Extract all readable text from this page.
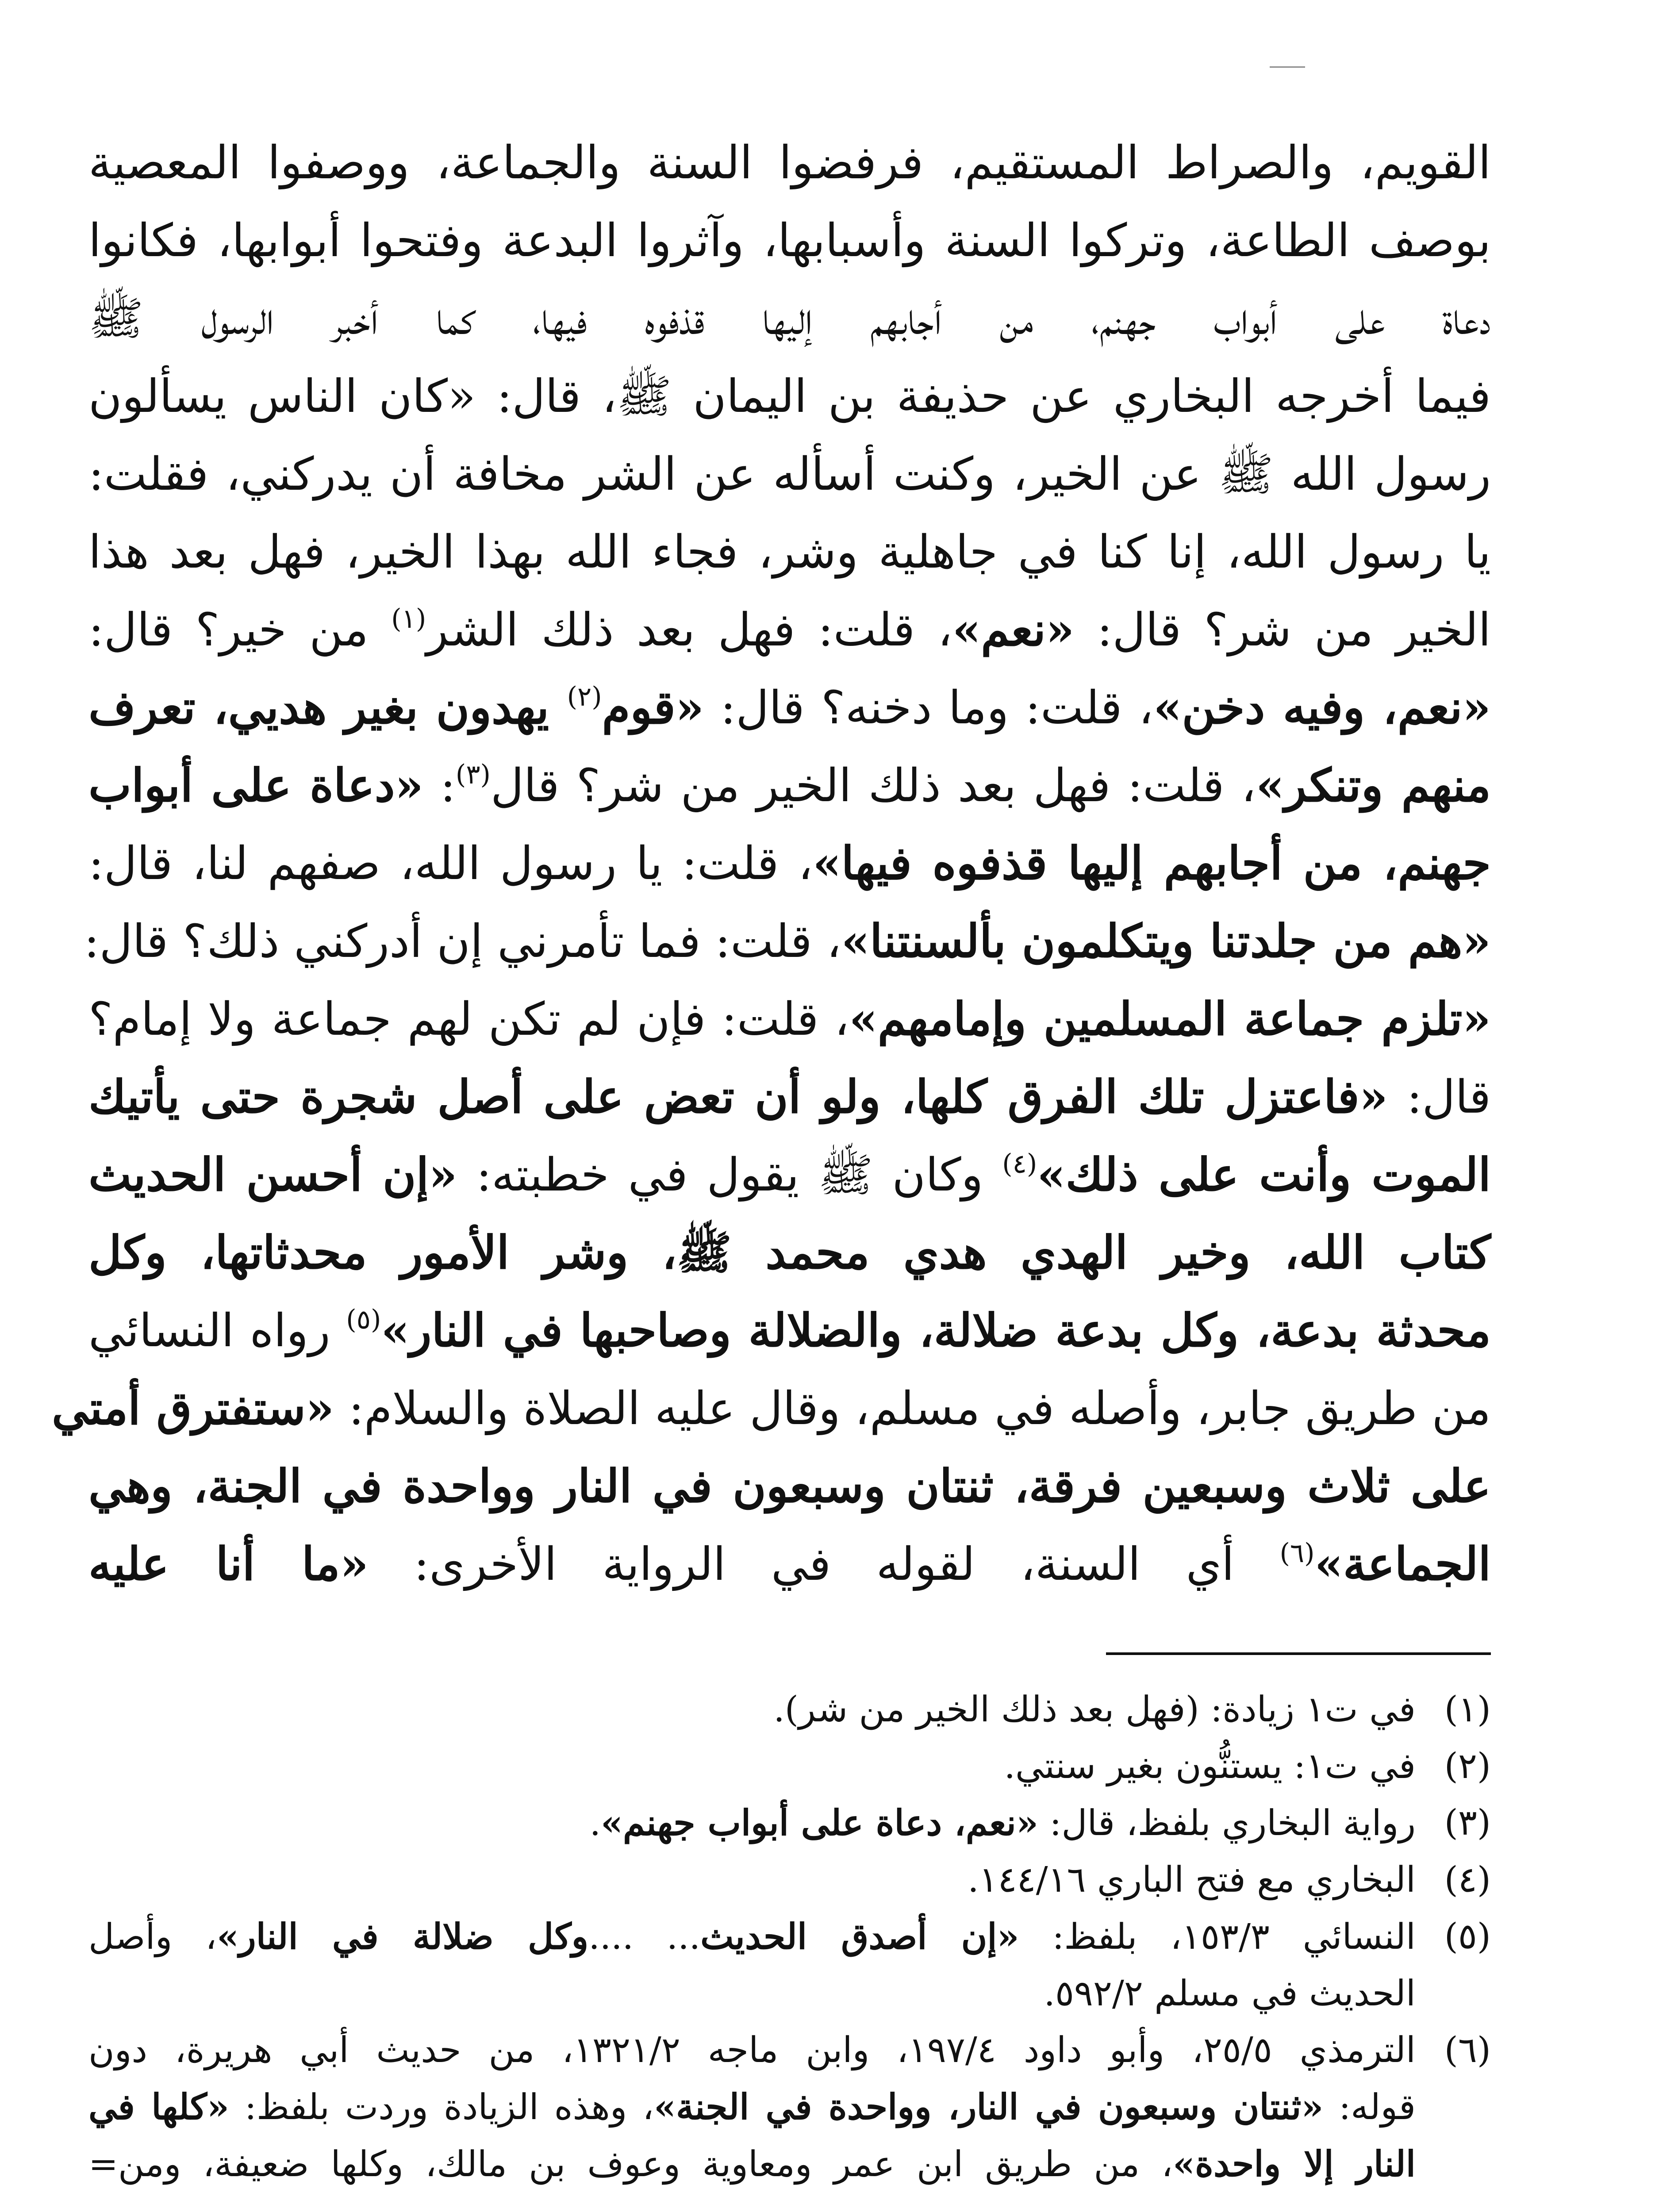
القويم، والصراط المستقيم، فرفضوا السنة والجماعة، ووصفوا المعصية
بوصف الطاعة، وتركوا السنة وأسبابها، وآثروا البدعة وفتحوا أبوابها، فكانوا
دعاة على أبواب جهنم، من أجابهم إليها قذفوه فيها، كما أخبر الرسول ﷺ
فيما أخرجه البخاري عن حذيفة بن اليمان ﷺ، قال: «كان الناس يسألون
رسول الله ﷺ عن الخير، وكنت أسأله عن الشر مخافة أن يدركني، فقلت:
يا رسول الله، إنا كنا في جاهلية وشر، فجاء الله بهذا الخير، فهل بعد هذا
الخير من شر؟ قال: «نعم»، قلت: فهل بعد ذلك الشر$^{(١)}$ من خير؟ قال:
«نعم، وفيه دخن»، قلت: وما دخنه؟ قال: «قوم$^{(٢)}$ يهدون بغير هديي، تعرف
منهم وتنكر»، قلت: فهل بعد ذلك الخير من شر؟ قال$^{(٣)}$: «دعاة على أبواب
جهنم، من أجابهم إليها قذفوه فيها»، قلت: يا رسول الله، صفهم لنا، قال:
«هم من جلدتنا ويتكلمون بألسنتنا»، قلت: فما تأمرني إن أدركني ذلك؟ قال:
«تلزم جماعة المسلمين وإمامهم»، قلت: فإن لم تكن لهم جماعة ولا إمام؟
قال: «فاعتزل تلك الفرق كلها، ولو أن تعض على أصل شجرة حتى يأتيك
الموت وأنت على ذلك»$^{(٤)}$ وكان ﷺ يقول في خطبته: «إن أحسن الحديث
كتاب الله، وخير الهدي هدي محمد ﷺ، وشر الأمور محدثاتها، وكل
محدثة بدعة، وكل بدعة ضلالة، والضلالة وصاحبها في النار»$^{(٥)}$ رواه النسائي
من طريق جابر، وأصله في مسلم، وقال عليه الصلاة والسلام: «ستفترق أمتي
على ثلاث وسبعين فرقة، ثنتان وسبعون في النار وواحدة في الجنة، وهي
الجماعة»$^{(٦)}$ أي السنة، لقوله في الرواية الأخرى: «ما أنا عليه
(١)
في ت١ زيادة: (فهل بعد ذلك الخير من شر).
(٢)
في ت١: يستنُّون بغير سنتي.
(٣)
رواية البخاري بلفظ، قال: «نعم، دعاة على أبواب جهنم».
(٤)
البخاري مع فتح الباري ١٤٤/١٦.
(٥)
النسائي ١٥٣/٣، بلفظ: «إن أصدق الحديث... ....وكل ضلالة في النار»، وأصل
الحديث في مسلم ٥٩٢/٢.
(٦)
الترمذي ٢٥/٥، وأبو داود ١٩٧/٤، وابن ماجه ١٣٢١/٢، من حديث أبي هريرة، دون
قوله: «ثنتان وسبعون في النار، وواحدة في الجنة»، وهذه الزيادة وردت بلفظ: «كلها في
النار إلا واحدة»، من طريق ابن عمر ومعاوية وعوف بن مالك، وكلها ضعيفة، ومن=
